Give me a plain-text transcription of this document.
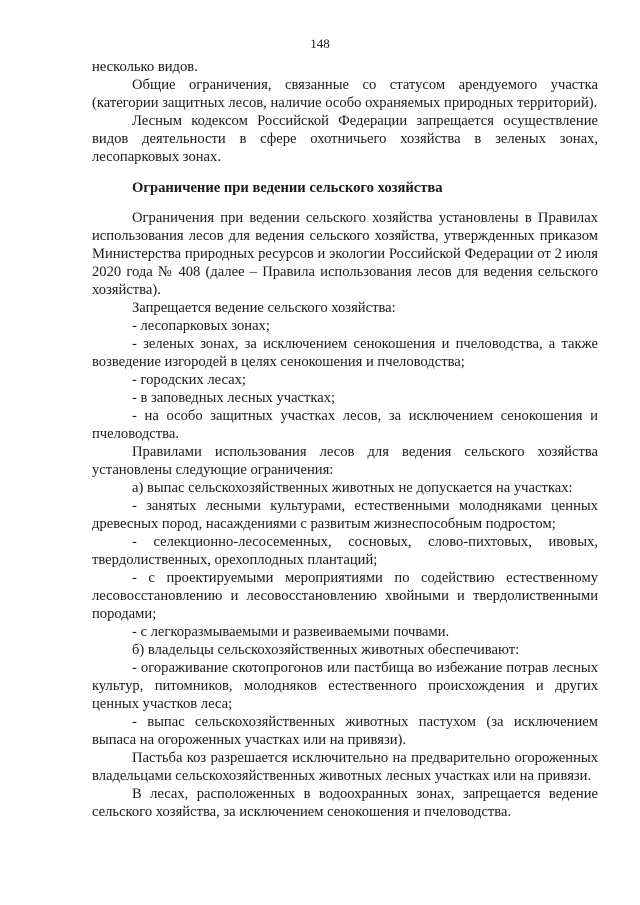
148

несколько видов.

Общие ограничения, связанные со статусом арендуемого участка (категории защитных лесов, наличие особо охраняемых природных территорий).

Лесным кодексом Российской Федерации запрещается осуществление видов деятельности в сфере охотничьего хозяйства в зеленых зонах, лесопарковых зонах.

Ограничение при ведении сельского хозяйства

Ограничения при ведении сельского хозяйства установлены в Правилах использования лесов для ведения сельского хозяйства, утвержденных приказом Министерства природных ресурсов и экологии Российской Федерации от 2 июля 2020 года № 408 (далее – Правила использования лесов для ведения сельского хозяйства).

Запрещается ведение сельского хозяйства:

- лесопарковых зонах;

- зеленых зонах, за исключением сенокошения и пчеловодства, а также возведение изгородей в целях сенокошения и пчеловодства;

- городских лесах;

- в заповедных лесных участках;

- на особо защитных участках лесов, за исключением сенокошения и пчеловодства.

Правилами использования лесов для ведения сельского хозяйства установлены следующие ограничения:

а) выпас сельскохозяйственных животных не допускается на участках:

- занятых лесными культурами, естественными молодняками ценных древесных пород, насаждениями с развитым жизнеспособным подростом;

- селекционно-лесосеменных, сосновых, слово-пихтовых, ивовых, твердолиственных, орехоплодных плантаций;

- с проектируемыми мероприятиями по содействию естественному лесовосстановлению и лесовосстановлению хвойными и твердолиственными породами;

- с легкоразмываемыми и развеиваемыми почвами.

б) владельцы сельскохозяйственных животных обеспечивают:

- огораживание скотопрогонов или пастбища во избежание потрав лесных культур, питомников, молодняков естественного происхождения и других ценных участков леса;

- выпас сельскохозяйственных животных пастухом (за исключением выпаса на огороженных участках или на привязи).

Пастьба коз разрешается исключительно на предварительно огороженных владельцами сельскохозяйственных животных лесных участках или на привязи.

В лесах, расположенных в водоохранных зонах, запрещается ведение сельского хозяйства, за исключением сенокошения и пчеловодства.
